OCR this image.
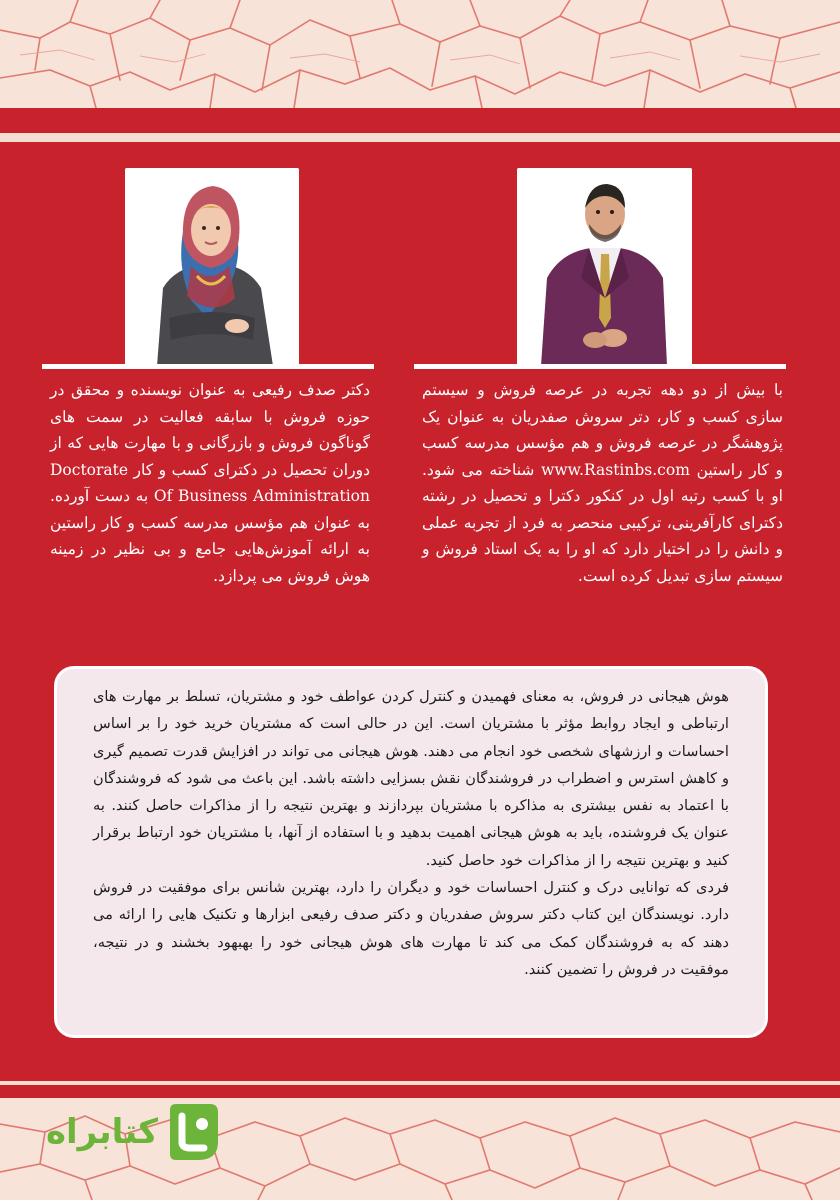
دکتر صدف رفیعی به عنوان نویسنده و محقق در حوزه فروش با سابقه فعالیت در سمت های گوناگون فروش و بازرگانی و با مهارت هایی که از دوران تحصیل در دکترای کسب و کار Doctorate Of Business Administration به دست آورده. به عنوان هم مؤسس مدرسه کسب و کار راستین به ارائه آموزش‌هایی جامع و بی نظیر در زمینه هوش فروش می پردازد.

با بیش از دو دهه تجربه در عرصه فروش و سیستم سازی کسب و کار، دتر سروش صفدریان به عنوان یک پژوهشگر در عرصه فروش و هم مؤسس مدرسه کسب و کار راستین www.Rastinbs.com شناخته می شود. او با کسب رتبه اول در کنکور دکترا و تحصیل در رشته دکترای کارآفرینی، ترکیبی منحصر به فرد از تجربه عملی و دانش را در اختیار دارد که او را به یک استاد فروش و سیستم سازی تبدیل کرده است.

هوش هیجانی در فروش، به معنای فهمیدن و کنترل کردن عواطف خود و مشتریان، تسلط بر مهارت های ارتباطی و ایجاد روابط مؤثر با مشتریان است. این در حالی است که مشتریان خرید خود را بر اساس احساسات و ارزشهای شخصی خود انجام می دهند. هوش هیجانی می تواند در افزایش قدرت تصمیم گیری و کاهش استرس و اضطراب در فروشندگان نقش بسزایی داشته باشد. این باعث می شود که فروشندگان با اعتماد به نفس بیشتری به مذاکره با مشتریان بپردازند و بهترین نتیجه را از مذاکرات حاصل کنند. به عنوان یک فروشنده، باید به هوش هیجانی اهمیت بدهید و با استفاده از آنها، با مشتریان خود ارتباط برقرار کنید و بهترین نتیجه را از مذاکرات خود حاصل کنید.

فردی که توانایی درک و کنترل احساسات خود و دیگران را دارد، بهترین شانس برای موفقیت در فروش دارد. نویسندگان این کتاب دکتر سروش صفدریان و دکتر صدف رفیعی ابزارها و تکنیک هایی را ارائه می دهند که به فروشندگان کمک می کند تا مهارت های هوش هیجانی خود را بهبهود بخشند و در نتیجه، موفقیت در فروش را تضمین کنند.

کتابراه
